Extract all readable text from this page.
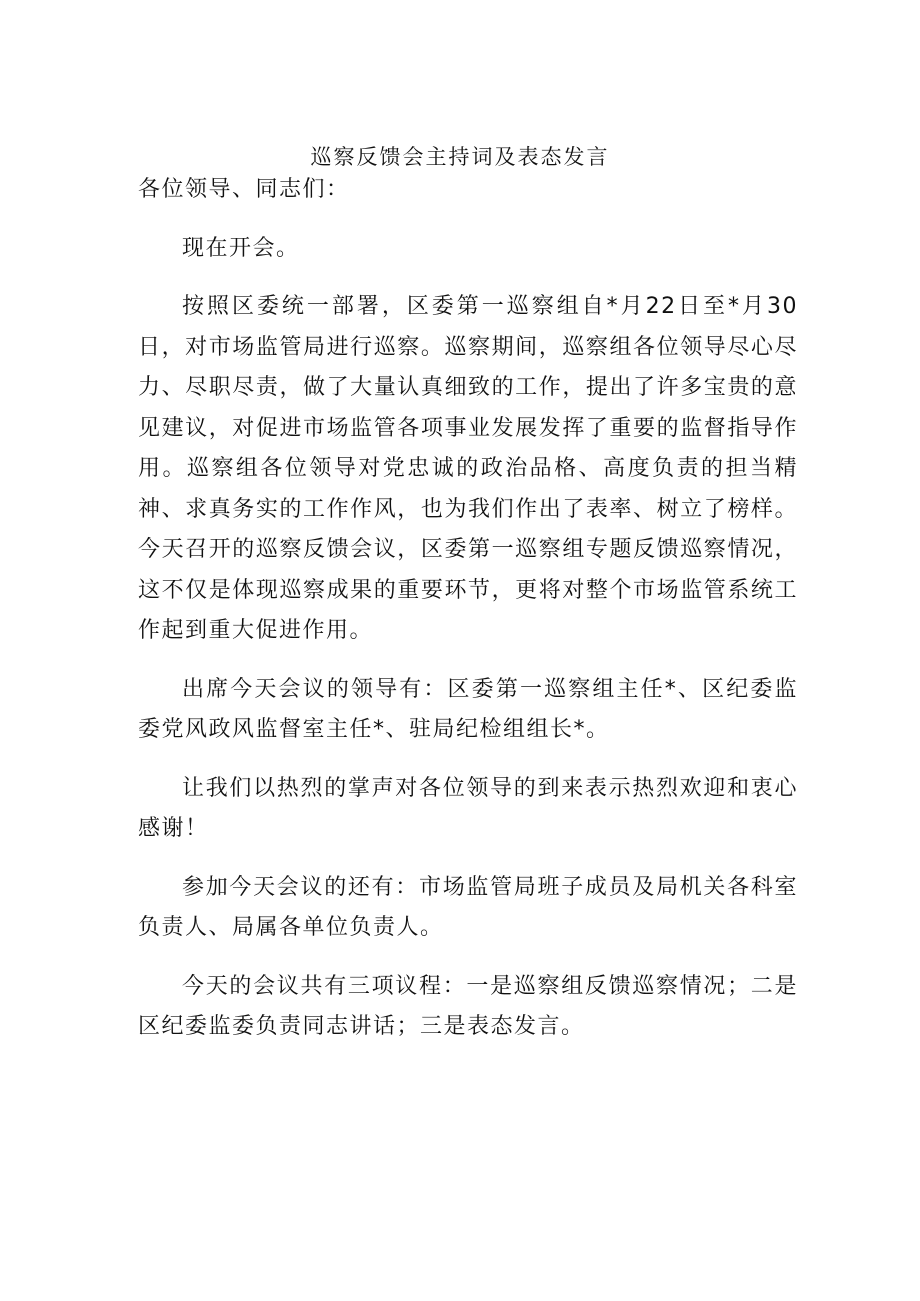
巡察反馈会主持词及表态发言

各位领导、同志们：

现在开会。

按照区委统一部署，区委第一巡察组自*月22日至*月30日，对市场监管局进行巡察。巡察期间，巡察组各位领导尽心尽力、尽职尽责，做了大量认真细致的工作，提出了许多宝贵的意见建议，对促进市场监管各项事业发展发挥了重要的监督指导作用。巡察组各位领导对党忠诚的政治品格、高度负责的担当精神、求真务实的工作作风，也为我们作出了表率、树立了榜样。今天召开的巡察反馈会议，区委第一巡察组专题反馈巡察情况，这不仅是体现巡察成果的重要环节，更将对整个市场监管系统工作起到重大促进作用。

出席今天会议的领导有：区委第一巡察组主任*、区纪委监委党风政风监督室主任*、驻局纪检组组长*。

让我们以热烈的掌声对各位领导的到来表示热烈欢迎和衷心感谢！

参加今天会议的还有：市场监管局班子成员及局机关各科室负责人、局属各单位负责人。

今天的会议共有三项议程：一是巡察组反馈巡察情况；二是区纪委监委负责同志讲话；三是表态发言。
